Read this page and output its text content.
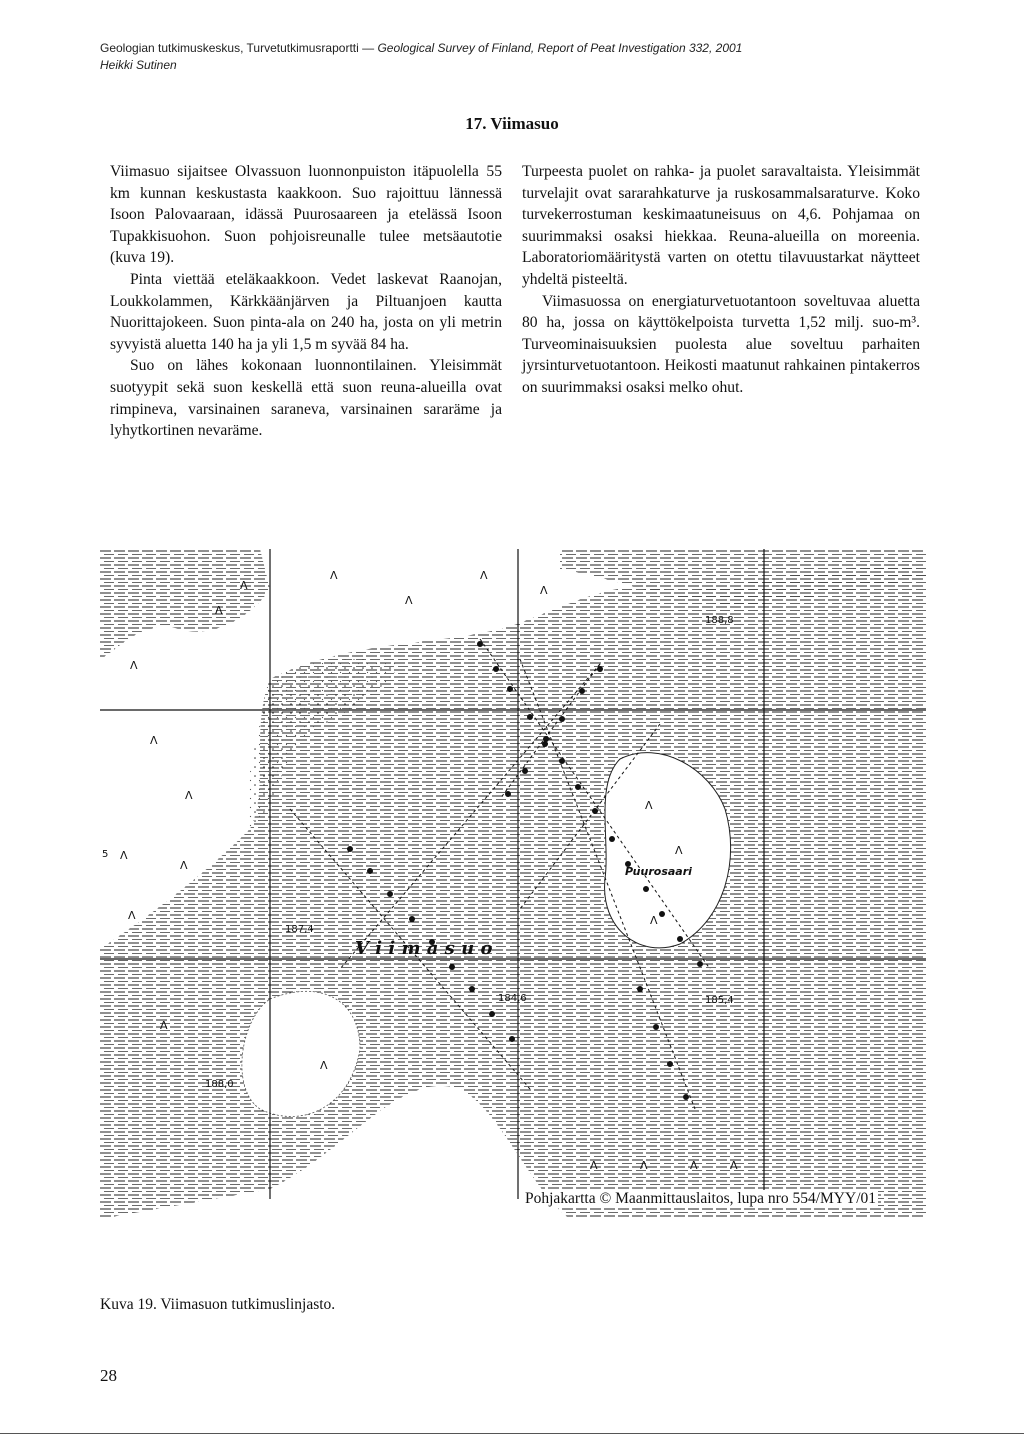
Geologian tutkimuskeskus, Turvetutkimusraportti — Geological Survey of Finland, Report of Peat Investigation 332, 2001
Heikki Sutinen
17. Viimasuo

Viimasuo sijaitsee Olvassuon luonnonpuiston itäpuolella 55 km kunnan keskustasta kaakkoon. Suo rajoittuu lännessä Isoon Palovaaraan, idässä Puurosaareen ja etelässä Isoon Tupakkisuohon. Suon pohjoisreunalle tulee metsäautotie (kuva 19).

Pinta viettää eteläkaakkoon. Vedet laskevat Raanojan, Loukkolammen, Kärkkäänjärven ja Piltuanjoen kautta Nuorittajokeen. Suon pinta-ala on 240 ha, josta on yli metrin syvyistä aluetta 140 ha ja yli 1,5 m syvää 84 ha.

Suo on lähes kokonaan luonnontilainen. Yleisimmät suotyypit sekä suon keskellä että suon reuna-alueilla ovat rimpineva, varsinainen saraneva, varsinainen sararäme ja lyhytkortinen nevaräme.

Turpeesta puolet on rahka- ja puolet saravaltaista. Yleisimmät turvelajit ovat sararahkaturve ja ruskosammalsaraturve. Koko turvekerrostuman keskimaatuneisuus on 4,6. Pohjamaa on suurimmaksi osaksi hiekkaa. Reuna-alueilla on moreenia. Laboratoriomääritystä varten on otettu tilavuustarkat näytteet yhdeltä pisteeltä.

Viimasuossa on energiaturvetuotantoon soveltuvaa aluetta 80 ha, jossa on käyttökelpoista turvetta 1,52 milj. suo-m³. Turveominaisuuksien puolesta alue soveltuu parhaiten jyrsinturvetuotantoon. Heikosti maatunut rahkainen pintakerros on suurimmaksi osaksi melko ohut.

Λ
Λ
Λ
Λ
Λ
Λ
Λ
Λ
Λ
Λ
Λ
Λ
Λ
Λ
Λ
Λ	Λ	Λ	Λ
Λ
Λ
V i i m a s u o
Puurosaari
188,8
187,4
184,6	185,4
188,0
5
Pohjakartta © Maanmittauslaitos, lupa nro 554/MYY/01
Kuva 19. Viimasuon tutkimuslinjasto.
28
